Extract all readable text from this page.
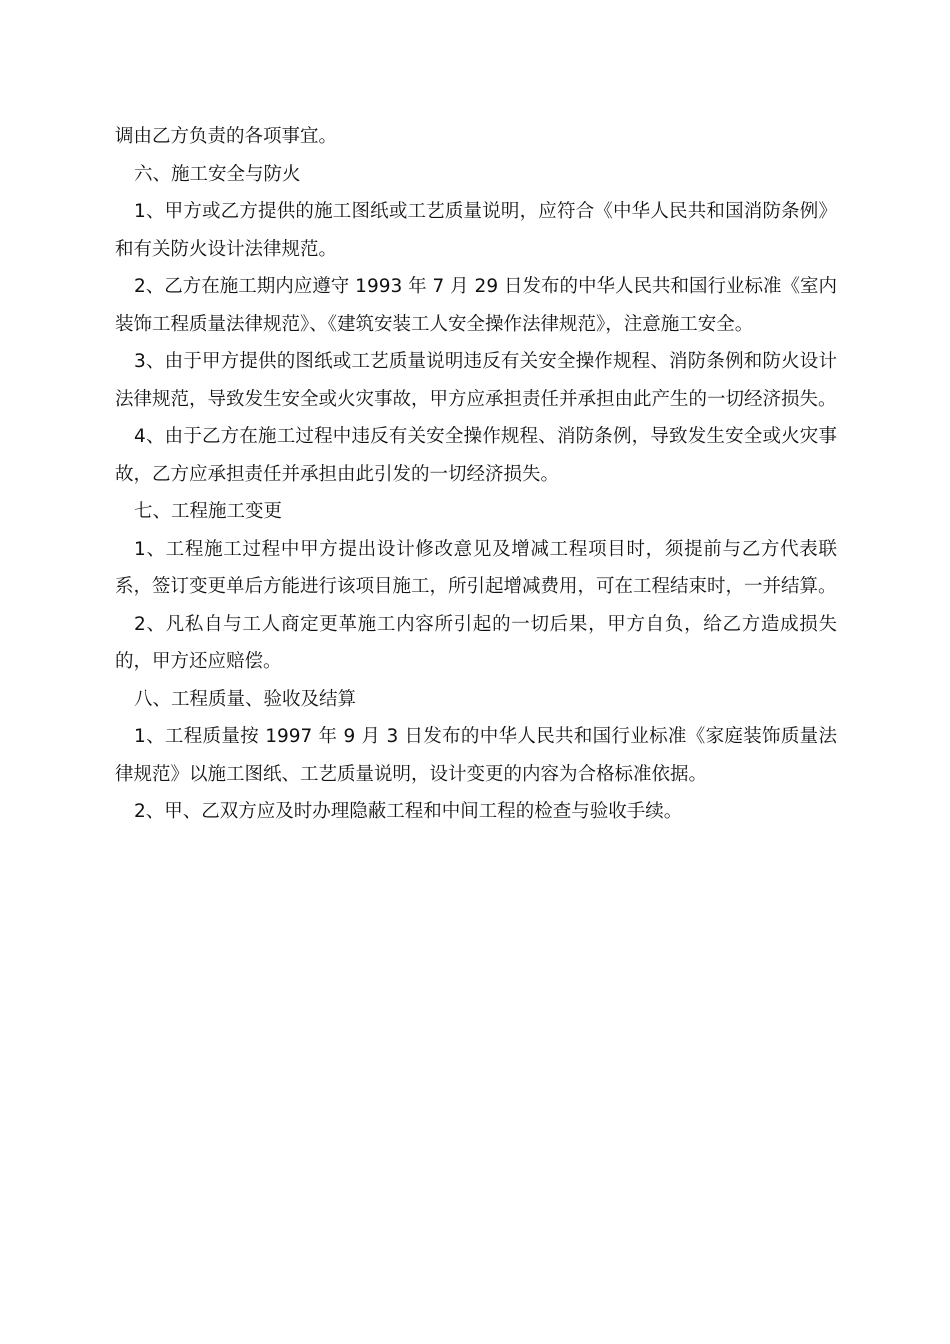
调由乙方负责的各项事宜。

六、施工安全与防火

1、甲方或乙方提供的施工图纸或工艺质量说明，应符合《中华人民共和国消防条例》和有关防火设计法律规范。

2、乙方在施工期内应遵守 1993 年 7 月 29 日发布的中华人民共和国行业标准《室内装饰工程质量法律规范》、《建筑安装工人安全操作法律规范》，注意施工安全。

3、由于甲方提供的图纸或工艺质量说明违反有关安全操作规程、消防条例和防火设计法律规范，导致发生安全或火灾事故，甲方应承担责任并承担由此产生的一切经济损失。

4、由于乙方在施工过程中违反有关安全操作规程、消防条例，导致发生安全或火灾事故，乙方应承担责任并承担由此引发的一切经济损失。

七、工程施工变更

1、工程施工过程中甲方提出设计修改意见及增减工程项目时，须提前与乙方代表联系，签订变更单后方能进行该项目施工，所引起增减费用，可在工程结束时，一并结算。

2、凡私自与工人商定更革施工内容所引起的一切后果，甲方自负，给乙方造成损失的，甲方还应赔偿。

八、工程质量、验收及结算

1、工程质量按 1997 年 9 月 3 日发布的中华人民共和国行业标准《家庭装饰质量法律规范》以施工图纸、工艺质量说明，设计变更的内容为合格标准依据。

2、甲、乙双方应及时办理隐蔽工程和中间工程的检查与验收手续。
